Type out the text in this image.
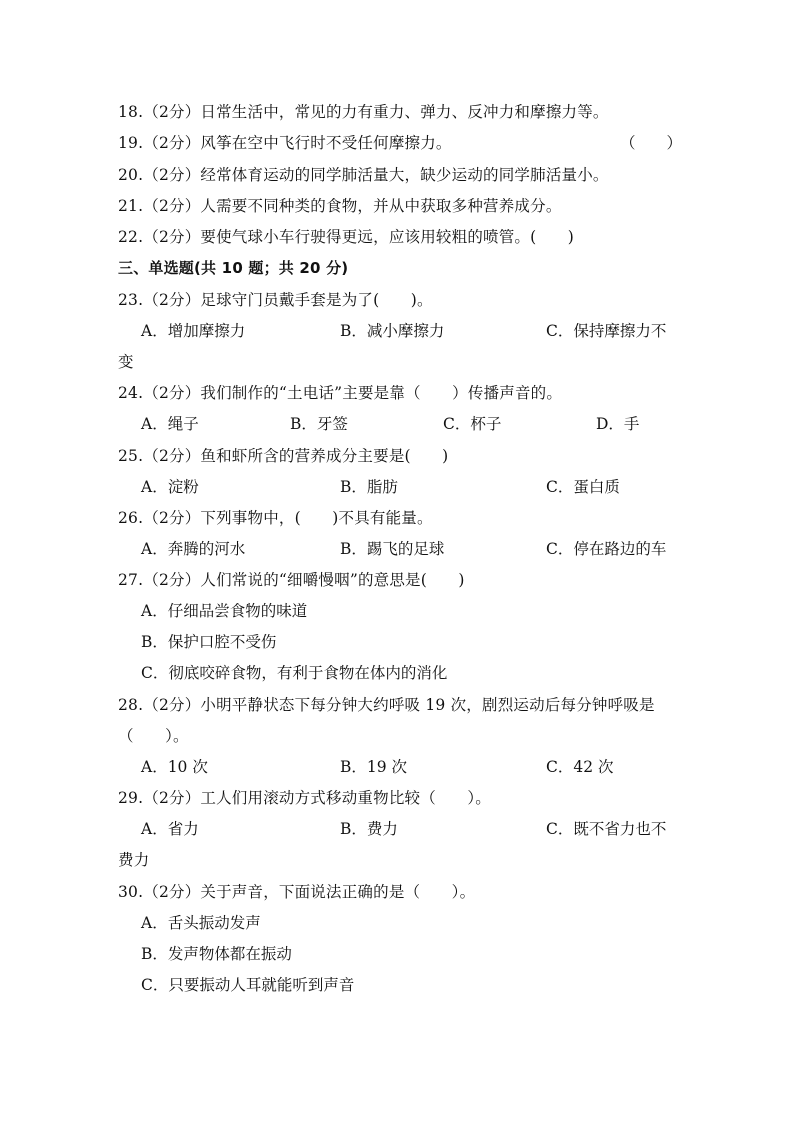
18.（2分）日常生活中，常见的力有重力、弹力、反冲力和摩擦力等。
19.（2分）风筝在空中飞行时不受任何摩擦力。	（　　）
20.（2分）经常体育运动的同学肺活量大，缺少运动的同学肺活量小。
21.（2分）人需要不同种类的食物，并从中获取多种营养成分。
22.（2分）要使气球小车行驶得更远，应该用较粗的喷管。(　　)
三、单选题(共 10 题；共 20 分)
23.（2分）足球守门员戴手套是为了(　　)。
A．增加摩擦力	B．减小摩擦力	C．保持摩擦力不
变
24.（2分）我们制作的“土电话”主要是靠（　　）传播声音的。
A．绳子	B．牙签	C．杯子	D．手
25.（2分）鱼和虾所含的营养成分主要是(　　)
A．淀粉	B．脂肪	C．蛋白质
26.（2分）下列事物中，(　　)不具有能量。
A．奔腾的河水	B．踢飞的足球	C．停在路边的车
27.（2分）人们常说的“细嚼慢咽”的意思是(　　)
A．仔细品尝食物的味道
B．保护口腔不受伤
C．彻底咬碎食物，有利于食物在体内的消化
28.（2分）小明平静状态下每分钟大约呼吸 19 次，剧烈运动后每分钟呼吸是
（　　）。
A．10 次	B．19 次	C．42 次
29.（2分）工人们用滚动方式移动重物比较（　　）。
A．省力	B．费力	C．既不省力也不
费力
30.（2分）关于声音，下面说法正确的是（　　）。
A．舌头振动发声
B．发声物体都在振动
C．只要振动人耳就能听到声音
